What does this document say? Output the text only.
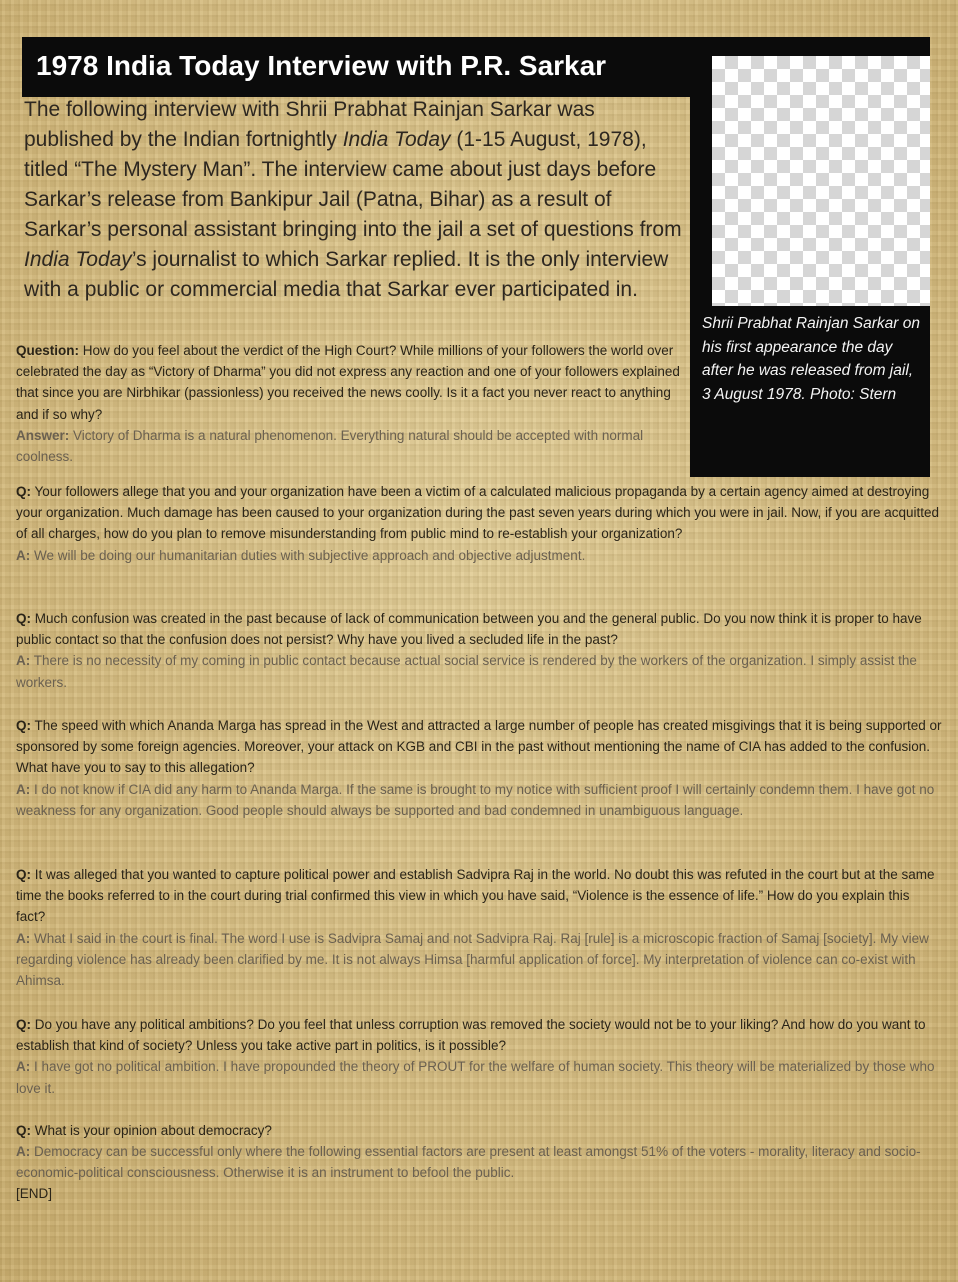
1978 India Today Interview with P.R. Sarkar

The following interview with Shrii Prabhat Rainjan Sarkar was published by the Indian fortnightly India Today (1-15 August, 1978), titled “The Mystery Man”. The interview came about just days before Sarkar’s release from Bankipur Jail (Patna, Bihar) as a result of Sarkar’s personal assistant bringing into the jail a set of questions from India Today’s journalist to which Sarkar replied. It is the only interview with a public or commercial media that Sarkar ever participated in.

Shrii Prabhat Rainjan Sarkar on his first appearance the day after he was released from jail, 3 August 1978. Photo: Stern

Question: How do you feel about the verdict of the High Court? While millions of your followers the world over celebrated the day as “Victory of Dharma” you did not express any reaction and one of your followers explained that since you are Nirbhikar (passionless) you received the news coolly. Is it a fact you never react to anything and if so why?
Answer: Victory of Dharma is a natural phenomenon. Everything natural should be accepted with normal coolness.
Q: Your followers allege that you and your organization have been a victim of a calculated malicious propaganda by a certain agency aimed at destroying your organization. Much damage has been caused to your organization during the past seven years during which you were in jail. Now, if you are acquitted of all charges, how do you plan to remove misunderstanding from public mind to re-establish your organization?
A: We will be doing our humanitarian duties with subjective approach and objective adjustment.
Q: Much confusion was created in the past because of lack of communication between you and the general public. Do you now think it is proper to have public contact so that the confusion does not persist? Why have you lived a secluded life in the past?
A: There is no necessity of my coming in public contact because actual social service is rendered by the workers of the organization. I simply assist the workers.
Q: The speed with which Ananda Marga has spread in the West and attracted a large number of people has created misgivings that it is being supported or sponsored by some foreign agencies. Moreover, your attack on KGB and CBI in the past without mentioning the name of CIA has added to the confusion. What have you to say to this allegation?
A: I do not know if CIA did any harm to Ananda Marga. If the same is brought to my notice with sufficient proof I will certainly condemn them. I have got no weakness for any organization. Good people should always be supported and bad condemned in unambiguous language.
Q: It was alleged that you wanted to capture political power and establish Sadvipra Raj in the world. No doubt this was refuted in the court but at the same time the books referred to in the court during trial confirmed this view in which you have said, “Violence is the essence of life.” How do you explain this fact?
A: What I said in the court is final. The word I use is Sadvipra Samaj and not Sadvipra Raj. Raj [rule] is a microscopic fraction of Samaj [society]. My view regarding violence has already been clarified by me. It is not always Himsa [harmful application of force]. My interpretation of violence can co-exist with Ahimsa.
Q: Do you have any political ambitions? Do you feel that unless corruption was removed the society would not be to your liking? And how do you want to establish that kind of society? Unless you take active part in politics, is it possible?
A: I have got no political ambition. I have propounded the theory of PROUT for the welfare of human society. This theory will be materialized by those who love it.
Q: What is your opinion about democracy?
A: Democracy can be successful only where the following essential factors are present at least amongst 51% of the voters - morality, literacy and socio-economic-political consciousness. Otherwise it is an instrument to befool the public.

[END]
